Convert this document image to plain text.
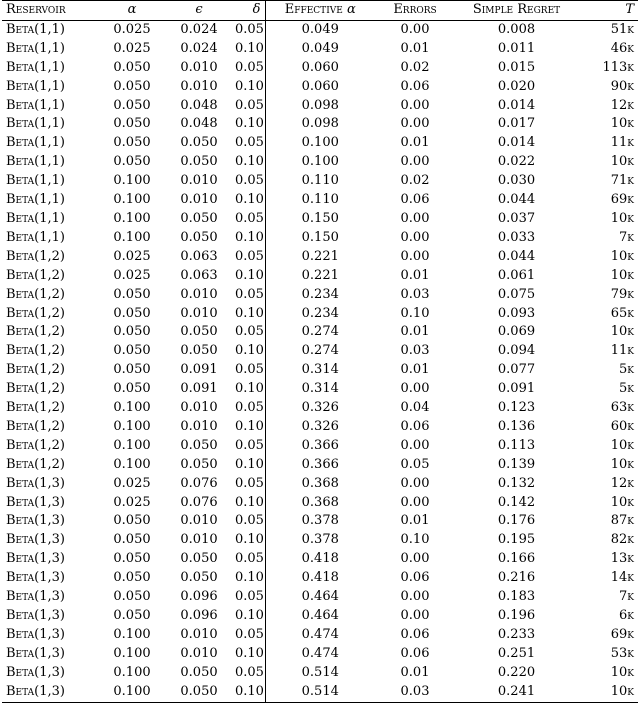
Reservoir	α	ϵ	δ	Effective α	Errors	Simple Regret	T
Beta(1,1)	0.025	0.024	0.05	0.049	0.00	0.008	51k
Beta(1,1)	0.025	0.024	0.10	0.049	0.01	0.011	46k
Beta(1,1)	0.050	0.010	0.05	0.060	0.02	0.015	113k
Beta(1,1)	0.050	0.010	0.10	0.060	0.06	0.020	90k
Beta(1,1)	0.050	0.048	0.05	0.098	0.00	0.014	12k
Beta(1,1)	0.050	0.048	0.10	0.098	0.00	0.017	10k
Beta(1,1)	0.050	0.050	0.05	0.100	0.01	0.014	11k
Beta(1,1)	0.050	0.050	0.10	0.100	0.00	0.022	10k
Beta(1,1)	0.100	0.010	0.05	0.110	0.02	0.030	71k
Beta(1,1)	0.100	0.010	0.10	0.110	0.06	0.044	69k
Beta(1,1)	0.100	0.050	0.05	0.150	0.00	0.037	10k
Beta(1,1)	0.100	0.050	0.10	0.150	0.00	0.033	7k
Beta(1,2)	0.025	0.063	0.05	0.221	0.00	0.044	10k
Beta(1,2)	0.025	0.063	0.10	0.221	0.01	0.061	10k
Beta(1,2)	0.050	0.010	0.05	0.234	0.03	0.075	79k
Beta(1,2)	0.050	0.010	0.10	0.234	0.10	0.093	65k
Beta(1,2)	0.050	0.050	0.05	0.274	0.01	0.069	10k
Beta(1,2)	0.050	0.050	0.10	0.274	0.03	0.094	11k
Beta(1,2)	0.050	0.091	0.05	0.314	0.01	0.077	5k
Beta(1,2)	0.050	0.091	0.10	0.314	0.00	0.091	5k
Beta(1,2)	0.100	0.010	0.05	0.326	0.04	0.123	63k
Beta(1,2)	0.100	0.010	0.10	0.326	0.06	0.136	60k
Beta(1,2)	0.100	0.050	0.05	0.366	0.00	0.113	10k
Beta(1,2)	0.100	0.050	0.10	0.366	0.05	0.139	10k
Beta(1,3)	0.025	0.076	0.05	0.368	0.00	0.132	12k
Beta(1,3)	0.025	0.076	0.10	0.368	0.00	0.142	10k
Beta(1,3)	0.050	0.010	0.05	0.378	0.01	0.176	87k
Beta(1,3)	0.050	0.010	0.10	0.378	0.10	0.195	82k
Beta(1,3)	0.050	0.050	0.05	0.418	0.00	0.166	13k
Beta(1,3)	0.050	0.050	0.10	0.418	0.06	0.216	14k
Beta(1,3)	0.050	0.096	0.05	0.464	0.00	0.183	7k
Beta(1,3)	0.050	0.096	0.10	0.464	0.00	0.196	6k
Beta(1,3)	0.100	0.010	0.05	0.474	0.06	0.233	69k
Beta(1,3)	0.100	0.010	0.10	0.474	0.06	0.251	53k
Beta(1,3)	0.100	0.050	0.05	0.514	0.01	0.220	10k
Beta(1,3)	0.100	0.050	0.10	0.514	0.03	0.241	10k
